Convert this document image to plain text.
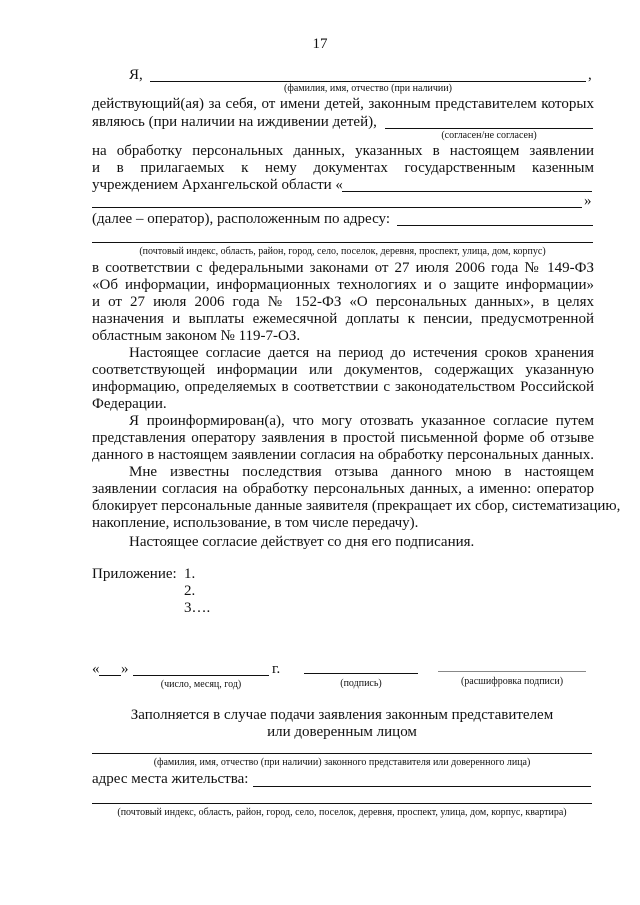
17
Я,	,
(фамилия, имя, отчество (при наличии)
действующий(ая) за себя, от имени детей, законным представителем которых
являюсь (при наличии на иждивении детей),
(согласен/не согласен)
на обработку персональных данных, указанных в настоящем заявлении
и в прилагаемых к нему документах государственным казенным
учреждением Архангельской области «
»
(далее – оператор), расположенным по адресу:
(почтовый индекс, область, район, город, село, поселок, деревня, проспект, улица, дом, корпус)
в соответствии с федеральными законами от 27 июля 2006 года № 149-ФЗ
«Об информации, информационных технологиях и о защите информации»
и от 27 июля 2006 года № 152-ФЗ «О персональных данных», в целях
назначения и выплаты ежемесячной доплаты к пенсии, предусмотренной
областным законом № 119-7-ОЗ.
Настоящее согласие дается на период до истечения сроков хранения
соответствующей информации или документов, содержащих указанную
информацию, определяемых в соответствии с законодательством Российской
Федерации.
Я проинформирован(а), что могу отозвать указанное согласие путем
представления оператору заявления в простой письменной форме об отзыве
данного в настоящем заявлении согласия на обработку персональных данных.
Мне известны последствия отзыва данного мною в настоящем
заявлении согласия на обработку персональных данных, а именно: оператор
блокирует персональные данные заявителя (прекращает их сбор, систематизацию,
накопление, использование, в том числе передачу).
Настоящее согласие действует со дня его подписания.
Приложение: 1.
2.
3….
« »	г.
(число, месяц, год)	(подпись)	(расшифровка подписи)
Заполняется в случае подачи заявления законным представителем
или доверенным лицом
(фамилия, имя, отчество (при наличии) законного представителя или доверенного лица)
адрес места жительства:
(почтовый индекс, область, район, город, село, поселок, деревня, проспект, улица, дом, корпус, квартира)
